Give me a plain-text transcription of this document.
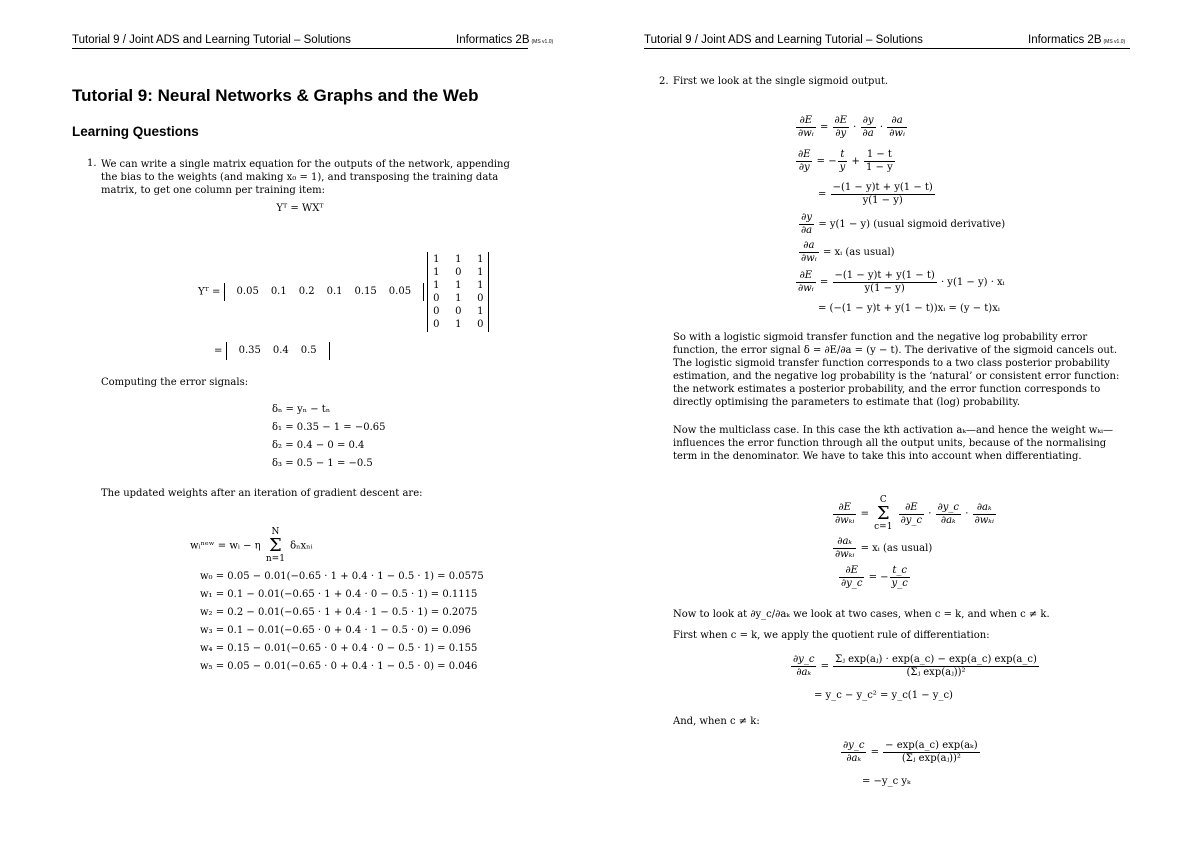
Tutorial 9 / Joint ADS and Learning Tutorial – Solutions	Informatics 2B (MS v1.0)
Tutorial 9: Neural Networks & Graphs and the Web
Learning Questions
1. We can write a single matrix equation for the outputs of the network, appending the bias to the weights (and making x₀ = 1), and transposing the training data matrix, to get one column per training item:
Yᵀ = WXᵀ
Yᵀ = 0.05 0.1 0.2 0.1 0.15 0.05
1 1 1
1 0 1
1 1 1
0 1 0
0 0 1
0 1 0
= 0.35 0.4 0.5
Computing the error signals:
δₙ = yₙ − tₙ
δ₁ = 0.35 − 1 = −0.65
δ₂ = 0.4 − 0 = 0.4
δ₃ = 0.5 − 1 = −0.5
The updated weights after an iteration of gradient descent are:
wᵢⁿᵉʷ = wᵢ − η N
Σ
n=1 δₙxₙᵢ
w₀ = 0.05 − 0.01(−0.65 · 1 + 0.4 · 1 − 0.5 · 1) = 0.0575
w₁ = 0.1 − 0.01(−0.65 · 1 + 0.4 · 0 − 0.5 · 1) = 0.1115
w₂ = 0.2 − 0.01(−0.65 · 1 + 0.4 · 1 − 0.5 · 1) = 0.2075
w₃ = 0.1 − 0.01(−0.65 · 0 + 0.4 · 1 − 0.5 · 0) = 0.096
w₄ = 0.15 − 0.01(−0.65 · 0 + 0.4 · 0 − 0.5 · 1) = 0.155
w₅ = 0.05 − 0.01(−0.65 · 0 + 0.4 · 1 − 0.5 · 0) = 0.046
Tutorial 9 / Joint ADS and Learning Tutorial – Solutions	Informatics 2B (MS v1.0)
2. First we look at the single sigmoid output.
$\frac{\partial E}{\text{∂wᵢ}} = \frac{\partial E}{\partial y} \cdot \frac{\partial y}{\partial a} \cdot \frac{\partial a}{\text{∂wᵢ}}$
$\frac{\partial E}{\partial y}$ = − $\frac{t}{y} + \frac{1 - t}{1 - y}$
= $\frac{-(1 - y)t + y(1 - t)}{y(1 - y)}$
$\frac{\partial y}{\partial a} = y(1 - y)$ (usual sigmoid derivative)
$\frac{\partial a}{\text{∂wᵢ}}$ = xᵢ (as usual)
$\frac{\partial E}{\text{∂wᵢ}} = \frac{-(1 - y)t + y(1 - t)}{y(1 - y)} \cdot y(1 - y)$ · xᵢ
= (−(1 − y)t + y(1 − t))xᵢ = (y − t)xᵢ
So with a logistic sigmoid transfer function and the negative log probability error function, the error signal δ = ∂E/∂a = (y − t). The derivative of the sigmoid cancels out. The logistic sigmoid transfer function corresponds to a two class posterior probability estimation, and the negative log probability is the ‘natural’ or consistent error function: the network estimates a posterior probability, and the error function corresponds to directly optimising the parameters to estimate that (log) probability.
Now the multiclass case. In this case the kth activation aₖ—and hence the weight wₖᵢ—influences the error function through all the output units, because of the normalising term in the denominator. We have to take this into account when differentiating.
$\frac{\partial E}{\text{∂wₖᵢ}} = C$
Σ
c=1
$\frac{\partial E}{\partial y\_c} \cdot \frac{\partial y\_c}{\text{∂aₖ}} \cdot \frac{\text{∂aₖ}}{\text{∂wₖᵢ}}$
$\frac{\text{∂aₖ}}{\text{∂wₖᵢ}}$ = xᵢ (as usual)
$\frac{\partial E}{\partial y\_c}$ = − $\frac{t\_c}{y\_c}$
Now to look at ∂y_c/∂aₖ we look at two cases, when c = k, and when c ≠ k.
First when c = k, we apply the quotient rule of differentiation:
$\frac{\partial y\_c}{\text{∂aₖ}} = \frac{\text{Σⱼ exp(aⱼ) · exp(a\_c) − exp(a\_c) exp(a\_c)}}{\text{(Σⱼ exp(aⱼ))²}}$
= y_c − y_c² = y_c(1 − y_c)
And, when c ≠ k:
$\frac{\partial y\_c}{\text{∂aₖ}} = \frac{\text{− exp(a\_c) exp(aₖ)}}{\text{(Σⱼ exp(aⱼ))²}}$
= −y_c yₖ
